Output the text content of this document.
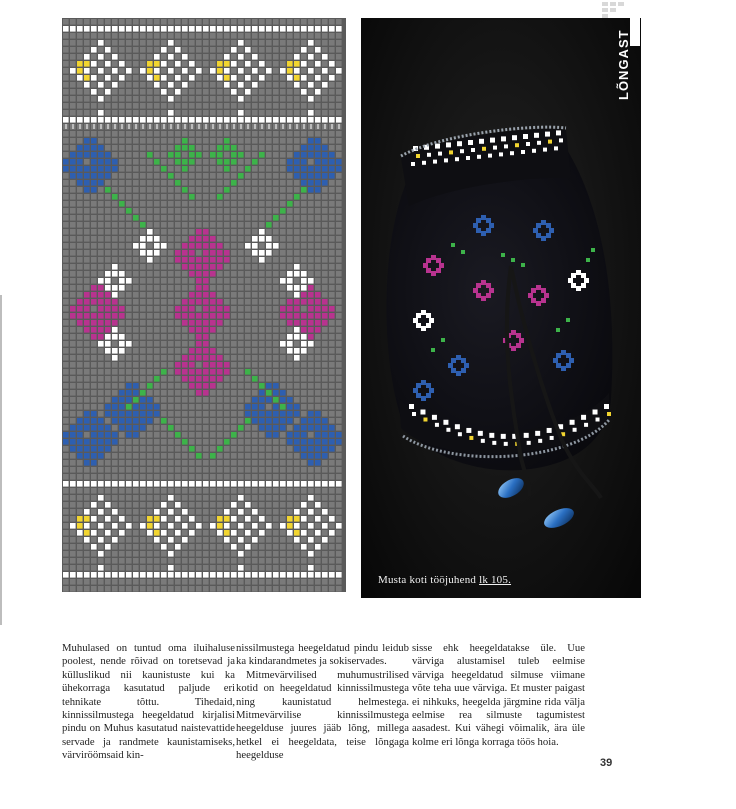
Musta koti tööjuhend lk 105.
LÕNGAST

Muhulased on tuntud oma iluihaluse poolest, nende rõivad on toretsevad ja külluslikud nii kaunistuste kui ka ühekorraga kasutatud paljude eri tehnikate tõttu. Tihedaid, kinnissilmustega heegeldatud kirjalisi pindu on Muhus kasutatud naistevattide servade ja randmete kaunistamiseks, värviröömsaid kin-

nissilmustega heegeldatud pindu leidub ka kindarandmetes ja sokiservades.

Mitmevärvilised muhumustrilised kotid on heegeldatud kinnissilmustega ning kaunistatud helmestega. Mitmevärvilise kinnissilmustega heegelduse juures jääb lõng, millega hetkel ei heegeldata, teise lõngaga heegelduse

sisse ehk heegeldatakse üle. Uue värviga alustamisel tuleb eelmise värviga heegeldatud silmuse viimane võte teha uue värviga. Et muster paigast ei nihkuks, heegelda järgmine rida välja eelmise rea silmuste tagumistest aasadest. Kui vähegi võimalik, ära üle kolme eri lõnga korraga töös hoia.

39
